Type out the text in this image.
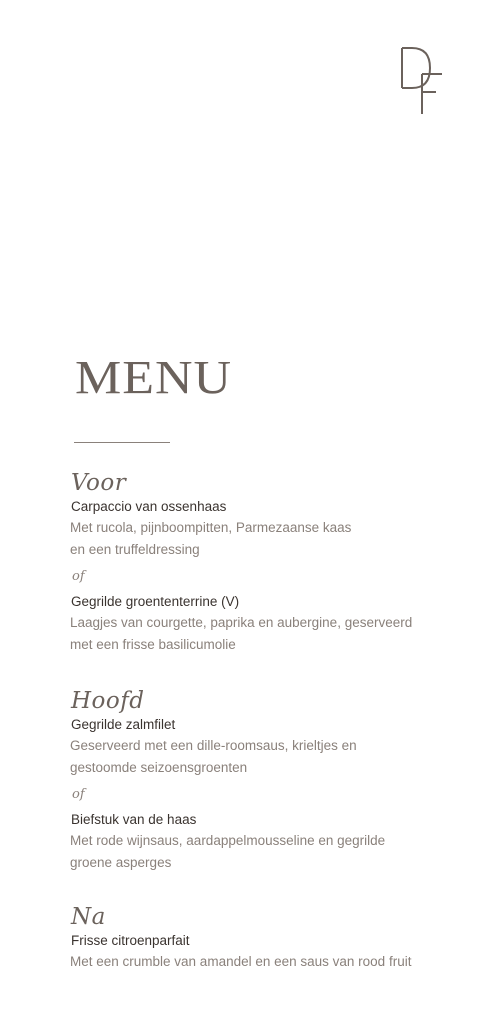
MENU
Voor
Carpaccio van ossenhaas
Met rucola, pijnboompitten, Parmezaanse kaas
en een truffeldressing
of
Gegrilde groententerrine (V)
Laagjes van courgette, paprika en aubergine, geserveerd
met een frisse basilicumolie
Hoofd
Gegrilde zalmfilet
Geserveerd met een dille-roomsaus, krieltjes en
gestoomde seizoensgroenten
of
Biefstuk van de haas
Met rode wijnsaus, aardappelmousseline en gegrilde
groene asperges
Na
Frisse citroenparfait
Met een crumble van amandel en een saus van rood fruit
